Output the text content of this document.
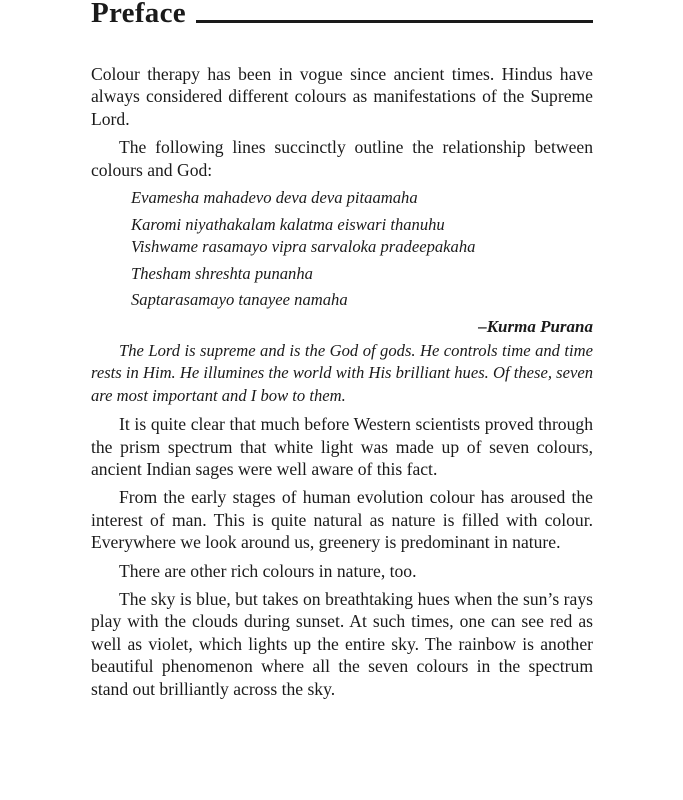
Preface

Colour therapy has been in vogue since ancient times. Hindus have always considered different colours as manifestations of the Supreme Lord.

The following lines succinctly outline the relationship between colours and God:

Evamesha mahadevo deva deva pitaamaha
Karomi niyathakalam kalatma eiswari thanuhu
Vishwame rasamayo vipra sarvaloka pradeepakaha
Thesham shreshta punanha
Saptarasamayo tanayee namaha
–Kurma Purana

The Lord is supreme and is the God of gods. He controls time and time rests in Him. He illumines the world with His brilliant hues. Of these, seven are most important and I bow to them.

It is quite clear that much before Western scientists proved through the prism spectrum that white light was made up of seven colours, ancient Indian sages were well aware of this fact.

From the early stages of human evolution colour has aroused the interest of man. This is quite natural as nature is filled with colour. Everywhere we look around us, greenery is predominant in nature.

There are other rich colours in nature, too.

The sky is blue, but takes on breathtaking hues when the sun’s rays play with the clouds during sunset. At such times, one can see red as well as violet, which lights up the entire sky. The rainbow is another beautiful phenomenon where all the seven colours in the spectrum stand out brilliantly across the sky.
